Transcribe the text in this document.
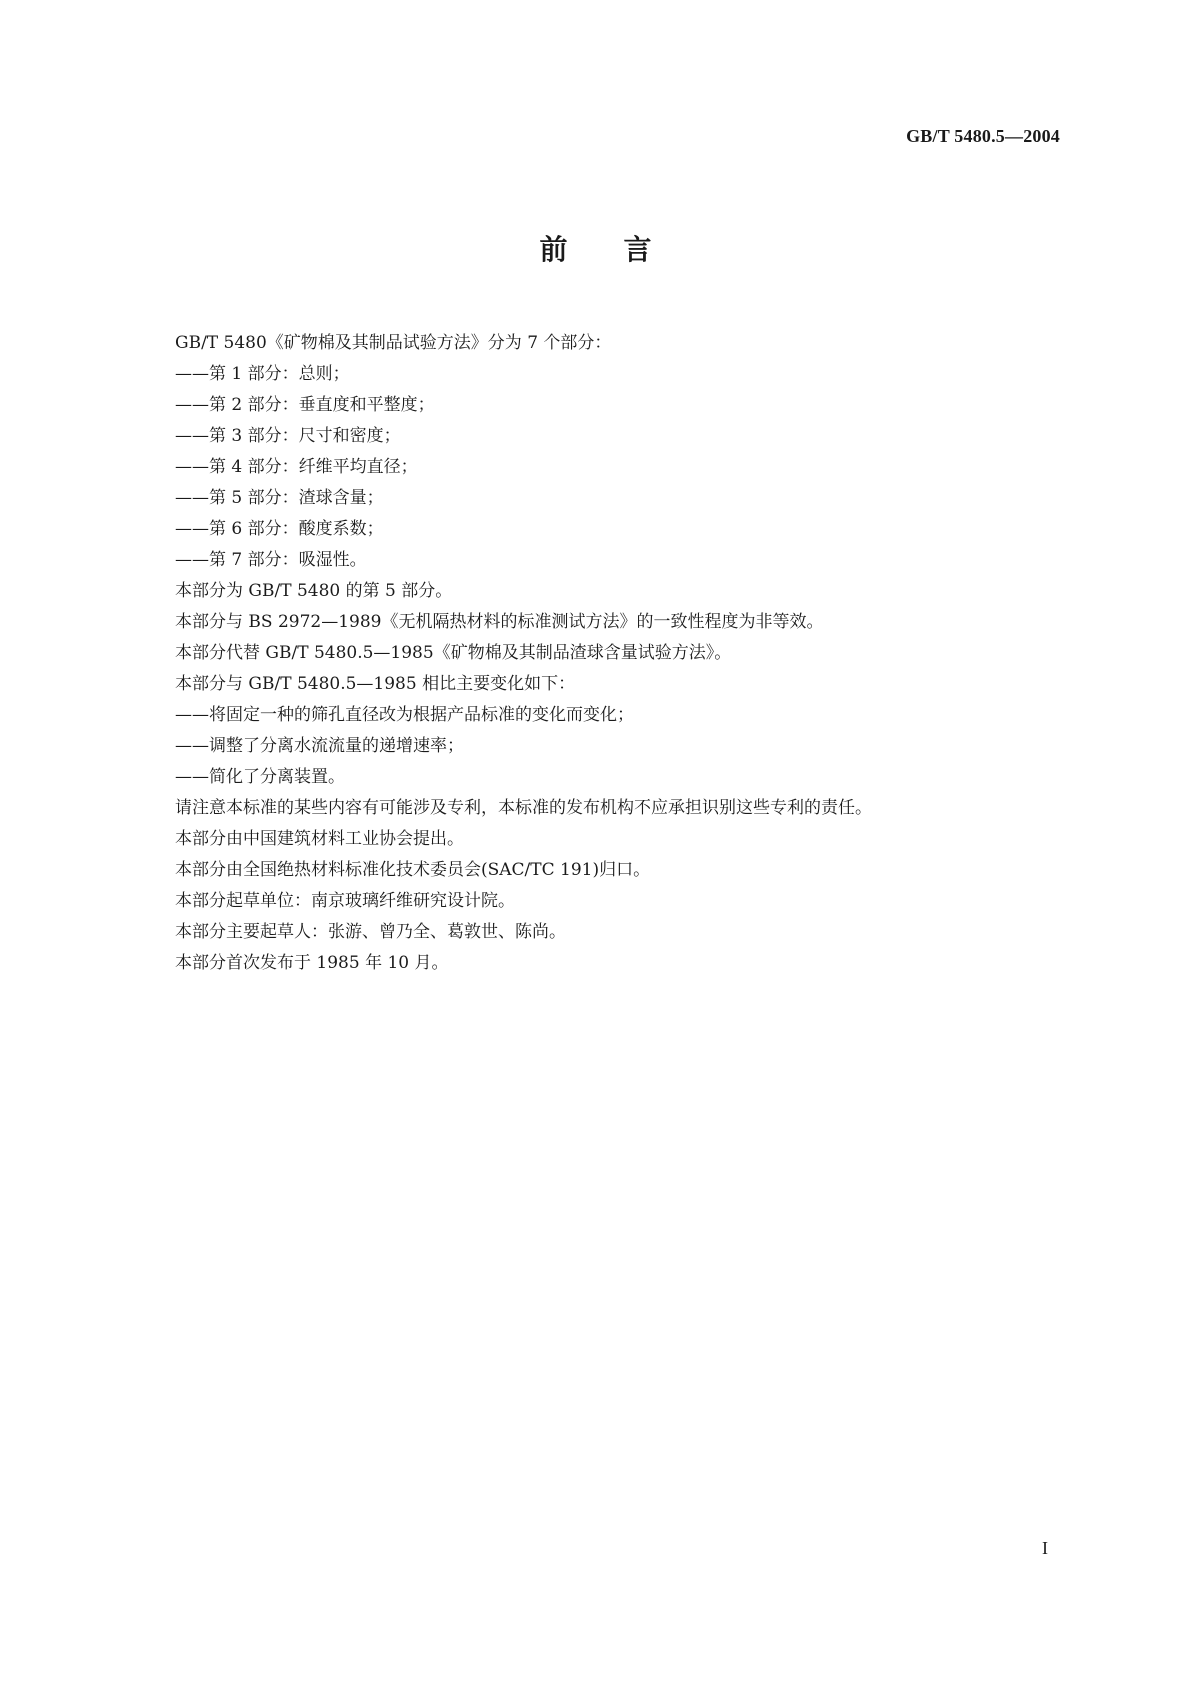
GB/T 5480.5—2004
前言

GB/T 5480《矿物棉及其制品试验方法》分为 7 个部分：

——第 1 部分：总则；

——第 2 部分：垂直度和平整度；

——第 3 部分：尺寸和密度；

——第 4 部分：纤维平均直径；

——第 5 部分：渣球含量；

——第 6 部分：酸度系数；

——第 7 部分：吸湿性。

本部分为 GB/T 5480 的第 5 部分。

本部分与 BS 2972—1989《无机隔热材料的标准测试方法》的一致性程度为非等效。

本部分代替 GB/T 5480.5—1985《矿物棉及其制品渣球含量试验方法》。

本部分与 GB/T 5480.5—1985 相比主要变化如下：

——将固定一种的筛孔直径改为根据产品标准的变化而变化；

——调整了分离水流流量的递增速率；

——简化了分离装置。

请注意本标准的某些内容有可能涉及专利，本标准的发布机构不应承担识别这些专利的责任。

本部分由中国建筑材料工业协会提出。

本部分由全国绝热材料标准化技术委员会(SAC/TC 191)归口。

本部分起草单位：南京玻璃纤维研究设计院。

本部分主要起草人：张游、曾乃全、葛敦世、陈尚。

本部分首次发布于 1985 年 10 月。

I
